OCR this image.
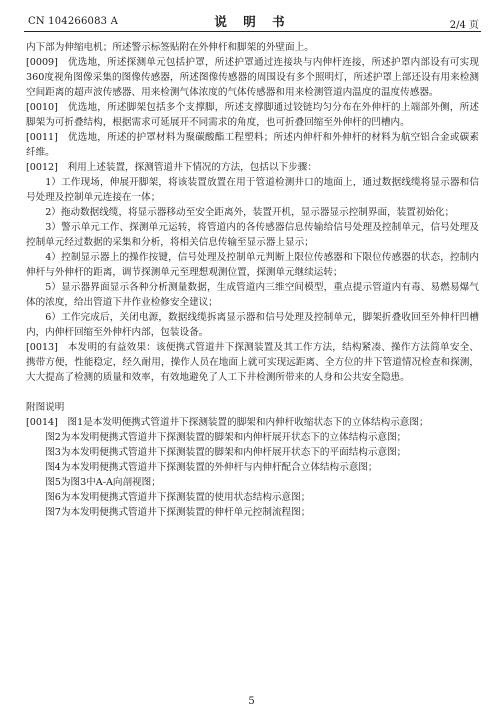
CN 104266083 A	说 明 书	2/4 页

内下部为伸缩电机；所述警示标签贴附在外伸杆和脚架的外壁面上。

[0009]　优选地，所述探测单元包括护罩，所述护罩通过连接块与内伸杆连接，所述护罩内部设有可实现360度视角图像采集的图像传感器，所述图像传感器的周围设有多个照明灯，所述护罩上部还设有用来检测空间距离的超声波传感器、用来检测气体浓度的气体传感器和用来检测管道内温度的温度传感器。

[0010]　优选地，所述脚架包括多个支撑脚，所述支撑脚通过铰链均匀分布在外伸杆的上端部外侧，所述脚架为可折叠结构，根据需求可延展开不同需求的角度，也可折叠回缩至外伸杆的凹槽内。

[0011]　优选地，所述的护罩材料为聚碳酸酯工程塑料；所述内伸杆和外伸杆的材料为航空铝合金或碳素纤维。

[0012]　利用上述装置，探测管道井下情况的方法，包括以下步骤：

1）工作现场，伸展开脚架，将该装置放置在用于管道检测井口的地面上，通过数据线缆将显示器和信号处理及控制单元连接在一体；

2）拖动数据线缆，将显示器移动至安全距离外，装置开机，显示器显示控制界面，装置初始化；

3）警示单元工作、探测单元运转，将管道内的各传感器信息传输给信号处理及控制单元，信号处理及控制单元经过数据的采集和分析，将相关信息传输至显示器上显示；

4）控制显示器上的操作按键，信号处理及控制单元判断上限位传感器和下限位传感器的状态，控制内伸杆与外伸杆的距离，调节探测单元至理想观测位置，探测单元继续运转；

5）显示器界面显示各种分析测量数据，生成管道内三维空间模型，重点提示管道内有毒、易燃易爆气体的浓度，给出管道下井作业检修安全建议；

6）工作完成后，关闭电源，数据线缆拆离显示器和信号处理及控制单元，脚架折叠收回至外伸杆凹槽内，内伸杆回缩至外伸杆内部，包装设备。

[0013]　本发明的有益效果：该便携式管道井下探测装置及其工作方法，结构紧凑、操作方法简单安全、携带方便，性能稳定，经久耐用，操作人员在地面上就可实现远距离、全方位的井下管道情况检查和探测，大大提高了检测的质量和效率，有效地避免了人工下井检测所带来的人身和公共安全隐患。

附图说明

[0014]　图1是本发明便携式管道井下探测装置的脚架和内伸杆收缩状态下的立体结构示意图；

图2为本发明便携式管道井下探测装置的脚架和内伸杆展开状态下的立体结构示意图；

图3为本发明便携式管道井下探测装置的脚架和内伸杆展开状态下的平面结构示意图；

图4为本发明便携式管道井下探测装置的外伸杆与内伸杆配合立体结构示意图；

图5为图3中A-A向剖视图；

图6为本发明便携式管道井下探测装置的使用状态结构示意图；

图7为本发明便携式管道井下探测装置的伸杆单元控制流程图；

5
